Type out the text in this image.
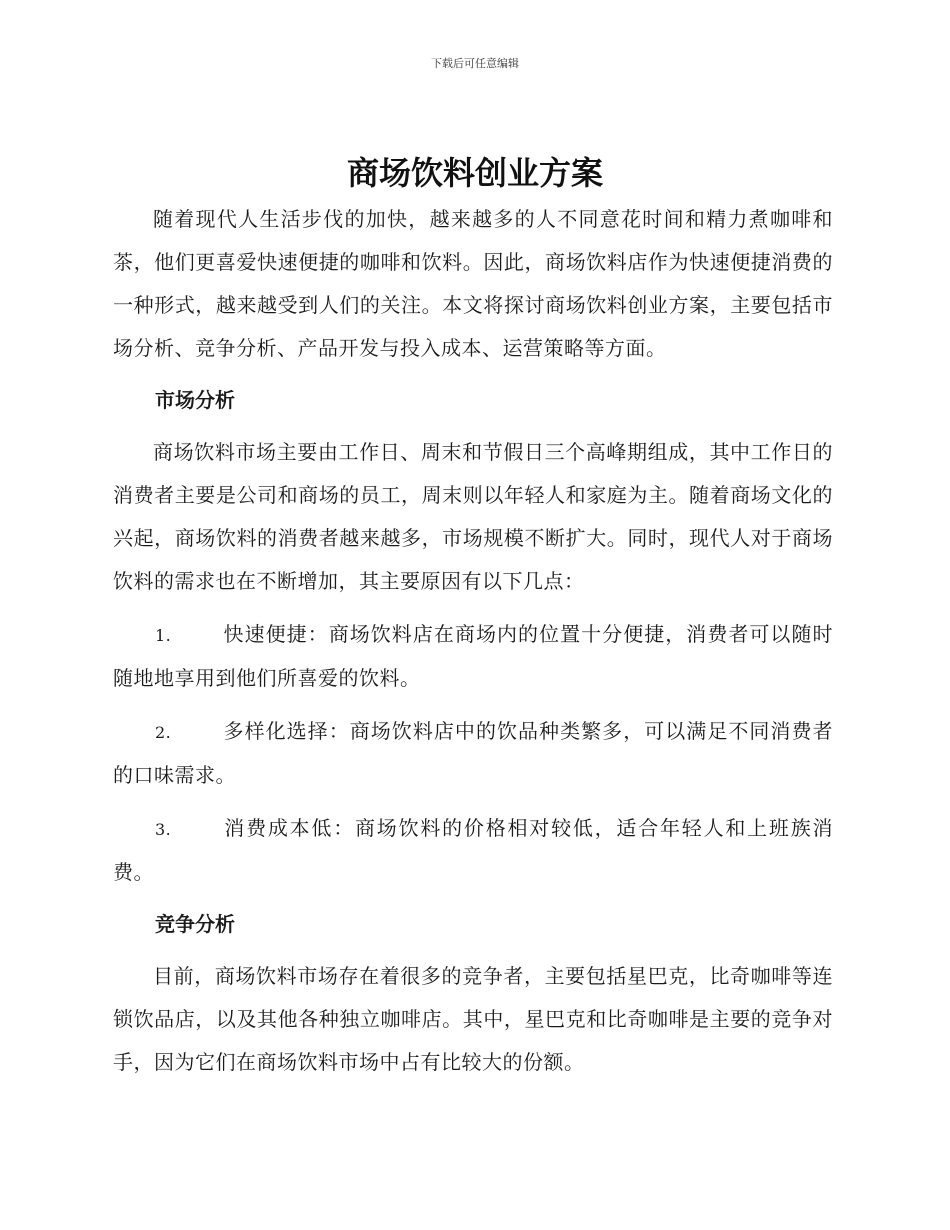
下载后可任意编辑
商场饮料创业方案

随着现代人生活步伐的加快，越来越多的人不同意花时间和精力煮咖啡和茶，他们更喜爱快速便捷的咖啡和饮料。因此，商场饮料店作为快速便捷消费的一种形式，越来越受到人们的关注。本文将探讨商场饮料创业方案，主要包括市场分析、竞争分析、产品开发与投入成本、运营策略等方面。

市场分析

商场饮料市场主要由工作日、周末和节假日三个高峰期组成，其中工作日的消费者主要是公司和商场的员工，周末则以年轻人和家庭为主。随着商场文化的兴起，商场饮料的消费者越来越多，市场规模不断扩大。同时，现代人对于商场饮料的需求也在不断增加，其主要原因有以下几点：

1.	快速便捷：商场饮料店在商场内的位置十分便捷，消费者可以随时随地地享用到他们所喜爱的饮料。

2.	多样化选择：商场饮料店中的饮品种类繁多，可以满足不同消费者的口味需求。

3.	消费成本低：商场饮料的价格相对较低，适合年轻人和上班族消费。

竞争分析

目前，商场饮料市场存在着很多的竞争者，主要包括星巴克，比奇咖啡等连锁饮品店，以及其他各种独立咖啡店。其中，星巴克和比奇咖啡是主要的竞争对手，因为它们在商场饮料市场中占有比较大的份额。
